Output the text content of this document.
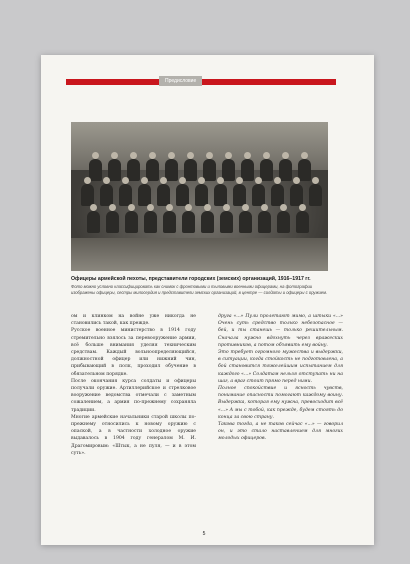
Предисловие
Офицеры армейской пехоты, представители городских (земских) организаций, 1916–1917 гг.
Фото можно условно классифицировать как снимок с фронтовыми и тыловыми военными офицерами, на фотографии изображены офицеры, сестры милосердия и представители земских организаций, в центре — солдаты и офицеры с оружием.

ом и клинком на войне уже никогда не становились такой, как прежде.

Русское военное министерство в 1914 году стремительно взялось за перевооружение армии, всё больше внимания уделяя техническим средствам. Каждый вольноопределяющийся, должностной офицер или нижний чин, прибывающий в полк, проходил обучение в обязательном порядке.

После окончания курса солдаты и офицеры получали оружие. Артиллерийское и стрелковое вооружение ведомства отмечали с заметным сожалением, а армия по-прежнему сохраняла традиции.

Многие армейские начальники старой школы по-прежнему относились к новому оружию с опаской, а в частности холодное оружие выдавалось в 1904 году генералом М. И. Драгомировым: «Штык, а не пуля, — и в этом суть».

друга «...» Пули пролетают мимо, а штыки «...» Очень суть средство только небезопасное — бей, и ты станешь — только решительным. Сначала нужно вдохнуть через вражеских противников, а потом объявить ему войну.

Это требует огромного мужества и выдержки, в ситуации, когда стойкость не подготовлена, а бой становится тяжелейшим испытанием для каждого «...» Солдатам нельзя отступать ни на шаг, а враг стоит прямо перед ними.

Полное спокойствие и ясность чувств, понимание опасности помогают каждому воину. Выдержка, которая ему нужна, превосходит всё «...» А мы с тобой, как прежде, будем стоять до конца за свою страну.

Такова тогда, а не таков сейчас «...» — говорил он, и это стало наставлением для многих молодых офицеров.

5
